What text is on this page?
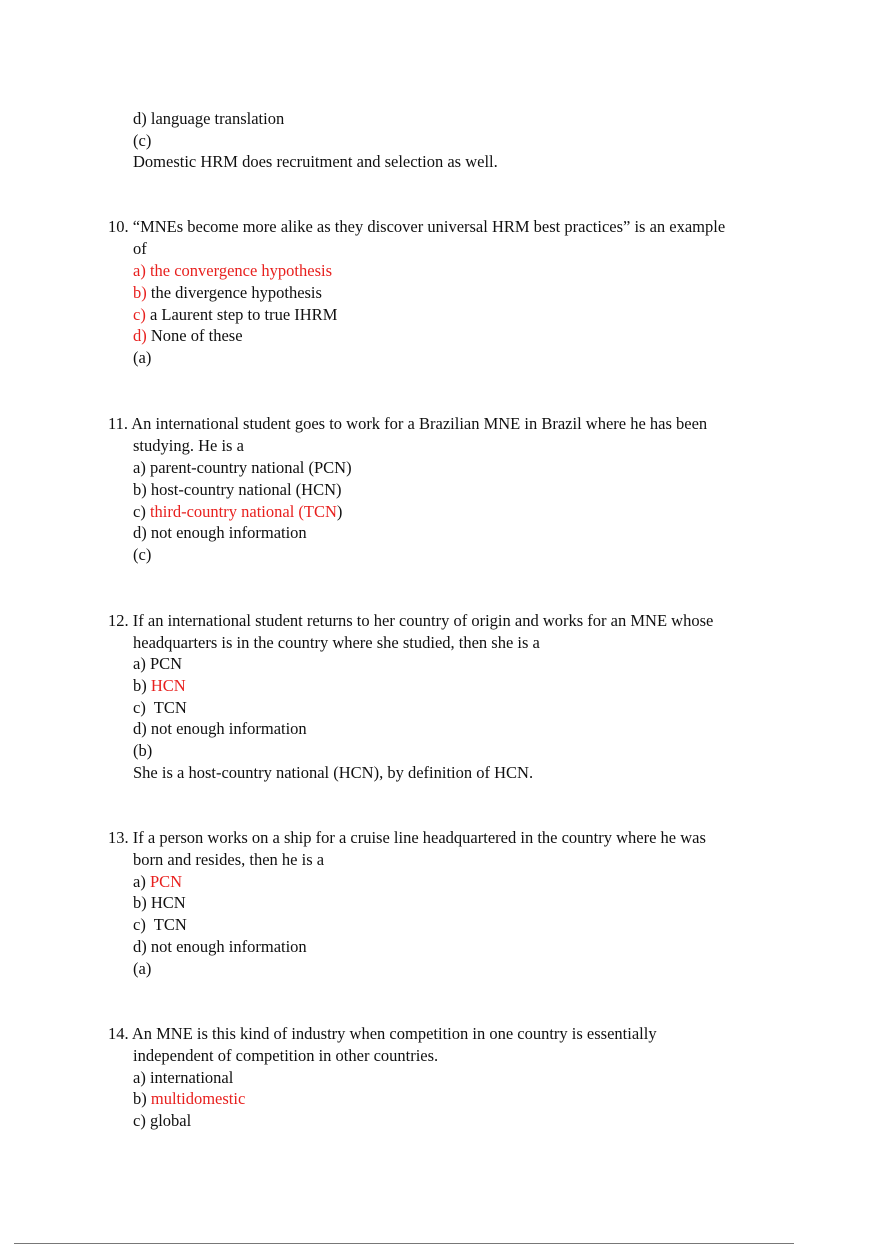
d) language translation
(c)
Domestic HRM does recruitment and selection as well.
10. “MNEs become more alike as they discover universal HRM best practices” is an example
of
a) the convergence hypothesis
b) the divergence hypothesis
c) a Laurent step to true IHRM
d) None of these
(a)
11. An international student goes to work for a Brazilian MNE in Brazil where he has been
studying. He is a
a) parent-country national (PCN)
b) host-country national (HCN)
c) third-country national (TCN)
d) not enough information
(c)
12. If an international student returns to her country of origin and works for an MNE whose
headquarters is in the country where she studied, then she is a
a) PCN
b) HCN
c)  TCN
d) not enough information
(b)
She is a host-country national (HCN), by definition of HCN.
13. If a person works on a ship for a cruise line headquartered in the country where he was
born and resides, then he is a
a) PCN
b) HCN
c)  TCN
d) not enough information
(a)
14. An MNE is this kind of industry when competition in one country is essentially
independent of competition in other countries.
a) international
b) multidomestic
c) global
